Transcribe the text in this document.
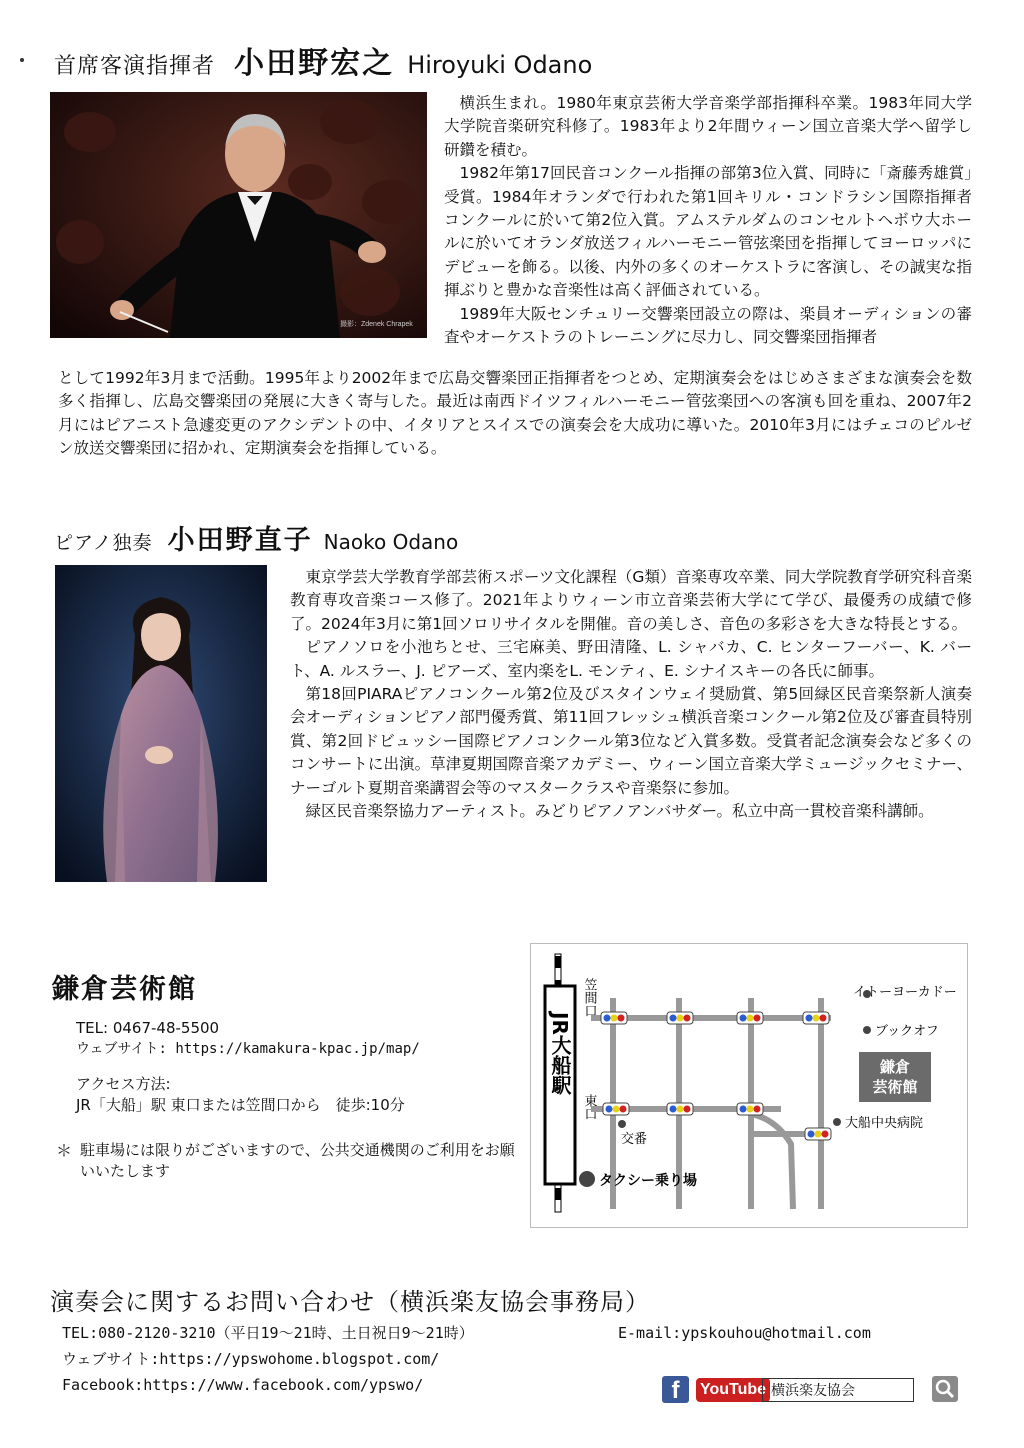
首席客演指揮者 小田野宏之 Hiroyuki Odano
撮影：Zdenek Chrapek

横浜生まれ。1980年東京芸術大学音楽学部指揮科卒業。1983年同大学大学院音楽研究科修了。1983年より2年間ウィーン国立音楽大学へ留学し研鑽を積む。

1982年第17回民音コンクール指揮の部第3位入賞、同時に「斎藤秀雄賞」受賞。1984年オランダで行われた第1回キリル・コンドラシン国際指揮者コンクールに於いて第2位入賞。アムステルダムのコンセルトヘボウ大ホールに於いてオランダ放送フィルハーモニー管弦楽団を指揮してヨーロッパにデビューを飾る。以後、内外の多くのオーケストラに客演し、その誠実な指揮ぶりと豊かな音楽性は高く評価されている。

1989年大阪センチュリー交響楽団設立の際は、楽員オーディションの審査やオーケストラのトレーニングに尽力し、同交響楽団指揮者

として1992年3月まで活動。1995年より2002年まで広島交響楽団正指揮者をつとめ、定期演奏会をはじめさまざまな演奏会を数多く指揮し、広島交響楽団の発展に大きく寄与した。最近は南西ドイツフィルハーモニー管弦楽団への客演も回を重ね、2007年2月にはピアニスト急遽変更のアクシデントの中、イタリアとスイスでの演奏会を大成功に導いた。2010年3月にはチェコのピルゼン放送交響楽団に招かれ、定期演奏会を指揮している。

ピアノ独奏 小田野直子 Naoko Odano

東京学芸大学教育学部芸術スポーツ文化課程（G類）音楽専攻卒業、同大学院教育学研究科音楽教育専攻音楽コース修了。2021年よりウィーン市立音楽芸術大学にて学び、最優秀の成績で修了。2024年3月に第1回ソロリサイタルを開催。音の美しさ、音色の多彩さを大きな特長とする。

ピアノソロを小池ちとせ、三宅麻美、野田清隆、L. シャバカ、C. ヒンターフーバー、K. バート、A. ルスラー、J. ピアーズ、室内楽をL. モンティ、E. シナイスキーの各氏に師事。

第18回PIARAピアノコンクール第2位及びスタインウェイ奨励賞、第5回緑区民音楽祭新人演奏会オーディションピアノ部門優秀賞、第11回フレッシュ横浜音楽コンクール第2位及び審査員特別賞、第2回ドビュッシー国際ピアノコンクール第3位など入賞多数。受賞者記念演奏会など多くのコンサートに出演。草津夏期国際音楽アカデミー、ウィーン国立音楽大学ミュージックセミナー、ナーゴルト夏期音楽講習会等のマスタークラスや音楽祭に参加。

緑区民音楽祭協力アーティスト。みどりピアノアンバサダー。私立中高一貫校音楽科講師。

鎌倉芸術館
TEL: 0467-48-5500
ウェブサイト: https://kamakura-kpac.jp/map/
アクセス方法:
JR「大船」駅 東口または笠間口から　徒歩:10分
＊ 駐車場には限りがございますので、公共交通機関のご利用をお願いいたします
JR大船駅
笠間口
東口
交番
タクシー乗り場
イトーヨーカドー
ブックオフ
鎌倉
芸術館
大船中央病院
演奏会に関するお問い合わせ（横浜楽友協会事務局）
TEL:080-2120-3210（平日19～21時、土日祝日9～21時）
ウェブサイト:https://ypswohome.blogspot.com/
Facebook:https://www.facebook.com/ypswo/
E-mail:ypskouhou@hotmail.com
f	YouTube 横浜楽友協会
